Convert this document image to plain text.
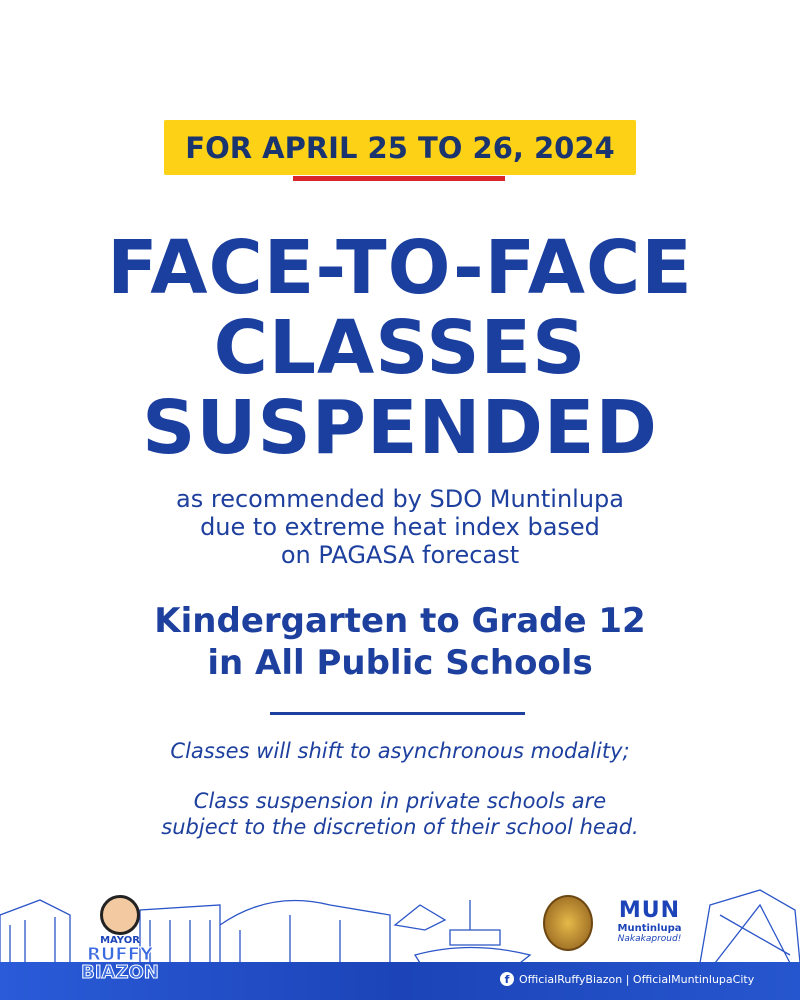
FOR APRIL 25 TO 26, 2024
FACE-TO-FACE
CLASSES
SUSPENDED
as recommended by SDO Muntinlupa
due to extreme heat index based
on PAGASA forecast
Kindergarten to Grade 12
in All Public Schools
Classes will shift to asynchronous modality;
Class suspension in private schools are
subject to the discretion of their school head.
MAYOR
RUFFY
BIAZON
MUN
Muntinlupa
Nakakaproud!
f OfficialRuffyBiazon | OfficialMuntinlupaCity
